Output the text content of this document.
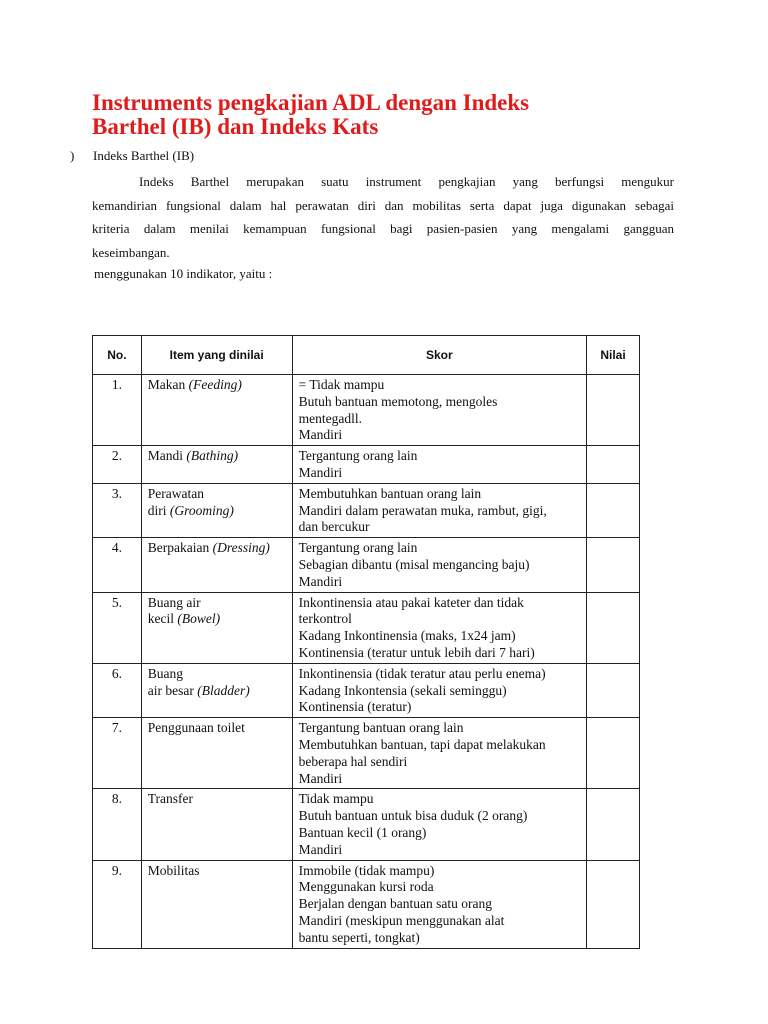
Instruments pengkajian ADL dengan Indeks
Barthel (IB) dan Indeks Kats
) Indeks Barthel (IB)
Indeks Barthel merupakan suatu instrument pengkajian yang berfungsi mengukur
kemandirian fungsional dalam hal perawatan diri dan mobilitas serta dapat juga digunakan sebagai
kriteria dalam menilai kemampuan fungsional bagi pasien-pasien yang mengalami gangguan
keseimbangan.
menggunakan 10 indikator, yaitu :
No.	Item yang dinilai	Skor	Nilai
1.	Makan (Feeding)	= Tidak mampu
Butuh bantuan memotong, mengoles
mentegadll.
Mandiri	

2.	Mandi (Bathing)	Tergantung orang lain
Mandiri	

3.	Perawatan
diri (Grooming)	Membutuhkan bantuan orang lain
Mandiri dalam perawatan muka, rambut, gigi,
dan bercukur	

4.	Berpakaian (Dressing)	Tergantung orang lain
Sebagian dibantu (misal mengancing baju)
Mandiri	

5.	Buang air
kecil (Bowel)	Inkontinensia atau pakai kateter dan tidak
terkontrol
Kadang Inkontinensia (maks, 1x24 jam)
Kontinensia (teratur untuk lebih dari 7 hari)	

6.	Buang
air besar (Bladder)	Inkontinensia (tidak teratur atau perlu enema)
Kadang Inkontensia (sekali seminggu)
Kontinensia (teratur)	

7.	Penggunaan toilet	Tergantung bantuan orang lain
Membutuhkan bantuan, tapi dapat melakukan
beberapa hal sendiri
Mandiri	

8.	Transfer	Tidak mampu
Butuh bantuan untuk bisa duduk (2 orang)
Bantuan kecil (1 orang)
Mandiri	

9.	Mobilitas	Immobile (tidak mampu)
Menggunakan kursi roda
Berjalan dengan bantuan satu orang
Mandiri (meskipun menggunakan alat
bantu seperti, tongkat)	
